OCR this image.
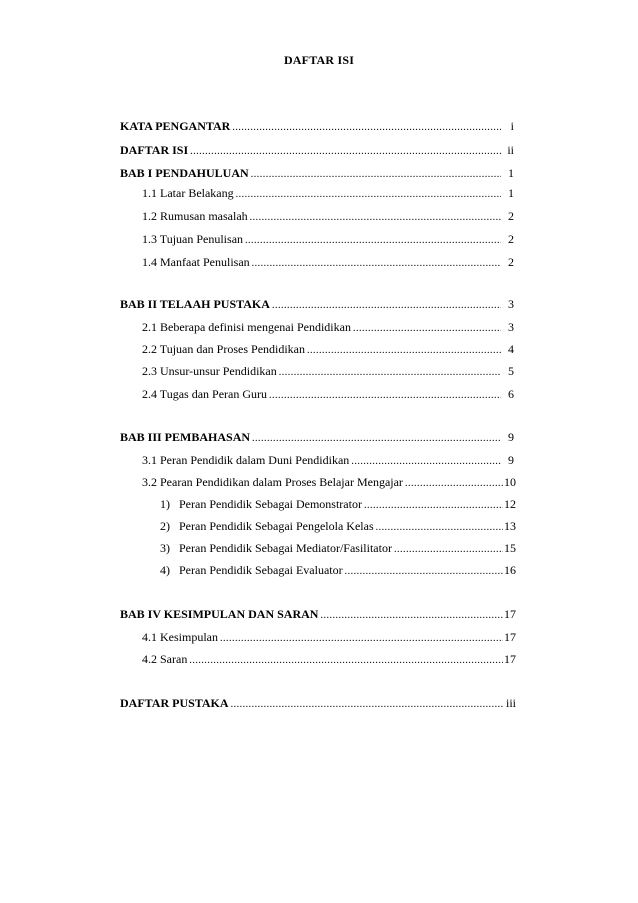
DAFTAR ISI
KATA PENGANTAR .....	i
DAFTAR ISI .....	ii
BAB I PENDAHULUAN .....	1
1.1 Latar Belakang .....	1
1.2 Rumusan masalah .....	2
1.3 Tujuan Penulisan .....	2
1.4 Manfaat Penulisan .....	2
BAB II TELAAH PUSTAKA .....	3
2.1 Beberapa definisi mengenai Pendidikan .....	3
2.2 Tujuan dan Proses Pendidikan .....	4
2.3 Unsur-unsur Pendidikan .....	5
2.4 Tugas dan Peran Guru .....	6
BAB III PEMBAHASAN .....	9
3.1 Peran Pendidik dalam Duni Pendidikan .....	9
3.2 Pearan Pendidikan dalam Proses Belajar Mengajar .....	10
1)   Peran Pendidik Sebagai Demonstrator .....	12
2)   Peran Pendidik Sebagai Pengelola Kelas .....	13
3)   Peran Pendidik Sebagai Mediator/Fasilitator .....	15
4)   Peran Pendidik Sebagai Evaluator .....	16
BAB IV KESIMPULAN DAN SARAN .....	17
4.1 Kesimpulan .....	17
4.2 Saran .....	17
DAFTAR PUSTAKA .....	iii
